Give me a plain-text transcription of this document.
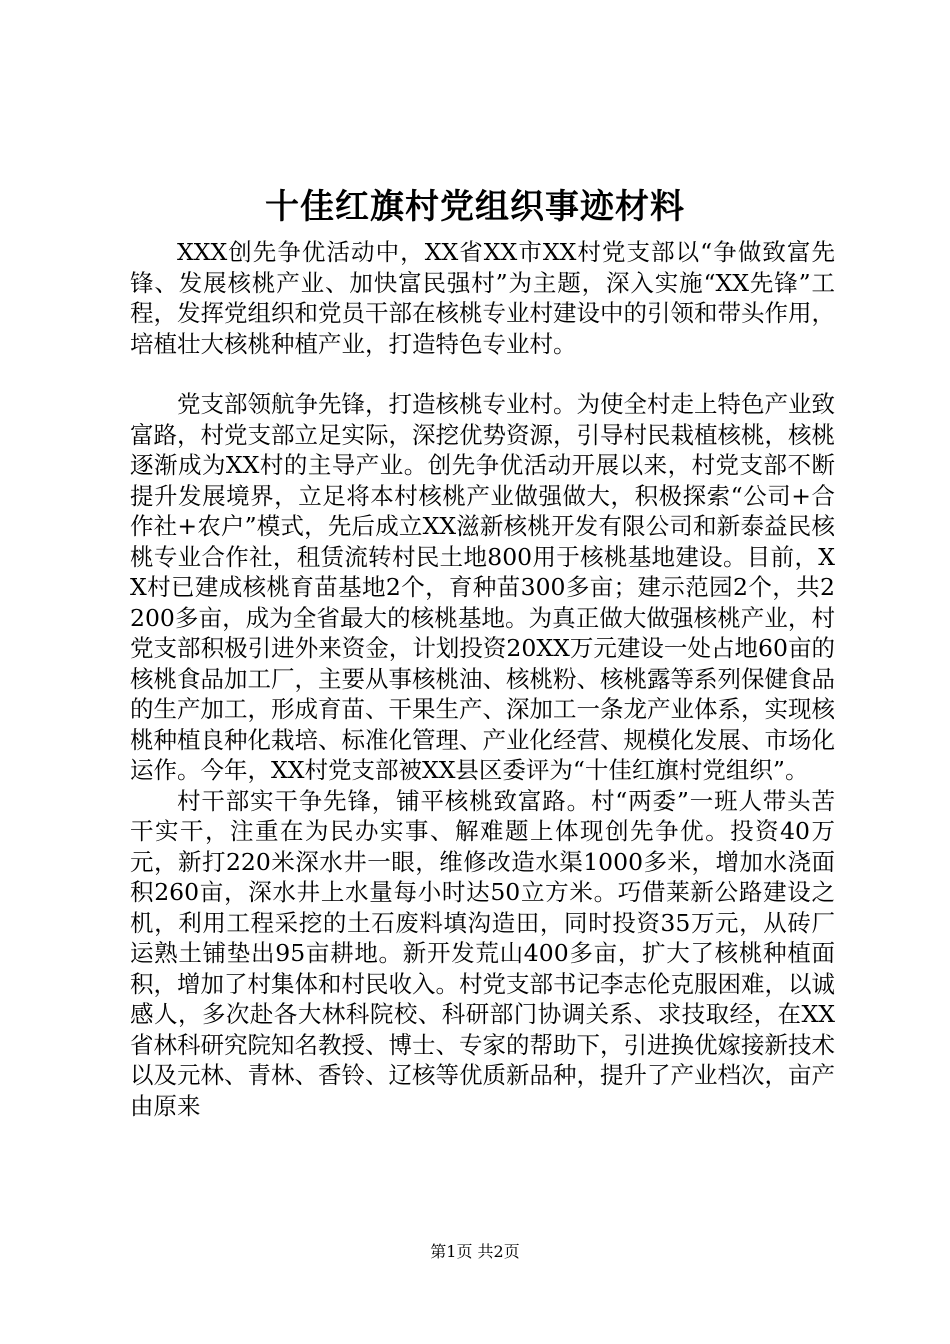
十佳红旗村党组织事迹材料

XXX创先争优活动中，XX省XX市XX村党支部以“争做致富先锋、发展核桃产业、加快富民强村”为主题，深入实施“XX先锋”工程，发挥党组织和党员干部在核桃专业村建设中的引领和带头作用，培植壮大核桃种植产业，打造特色专业村。

党支部领航争先锋，打造核桃专业村。为使全村走上特色产业致富路，村党支部立足实际，深挖优势资源，引导村民栽植核桃，核桃逐渐成为XX村的主导产业。创先争优活动开展以来，村党支部不断提升发展境界，立足将本村核桃产业做强做大，积极探索“公司+合作社+农户”模式，先后成立XX滋新核桃开发有限公司和新泰益民核桃专业合作社，租赁流转村民土地800用于核桃基地建设。目前，XX村已建成核桃育苗基地2个，育种苗300多亩；建示范园2个，共2200多亩，成为全省最大的核桃基地。为真正做大做强核桃产业，村党支部积极引进外来资金，计划投资20XX万元建设一处占地60亩的核桃食品加工厂，主要从事核桃油、核桃粉、核桃露等系列保健食品的生产加工，形成育苗、干果生产、深加工一条龙产业体系，实现核桃种植良种化栽培、标准化管理、产业化经营、规模化发展、市场化运作。今年，XX村党支部被XX县区委评为“十佳红旗村党组织”。

村干部实干争先锋，铺平核桃致富路。村“两委”一班人带头苦干实干，注重在为民办实事、解难题上体现创先争优。投资40万元，新打220米深水井一眼，维修改造水渠1000多米，增加水浇面积260亩，深水井上水量每小时达50立方米。巧借莱新公路建设之机，利用工程采挖的土石废料填沟造田，同时投资35万元，从砖厂运熟土铺垫出95亩耕地。新开发荒山400多亩，扩大了核桃种植面积，增加了村集体和村民收入。村党支部书记李志伦克服困难，以诚感人，多次赴各大林科院校、科研部门协调关系、求技取经，在XX省林科研究院知名教授、博士、专家的帮助下，引进换优嫁接新技术以及元林、青林、香铃、辽核等优质新品种，提升了产业档次，亩产由原来

第1页 共2页
